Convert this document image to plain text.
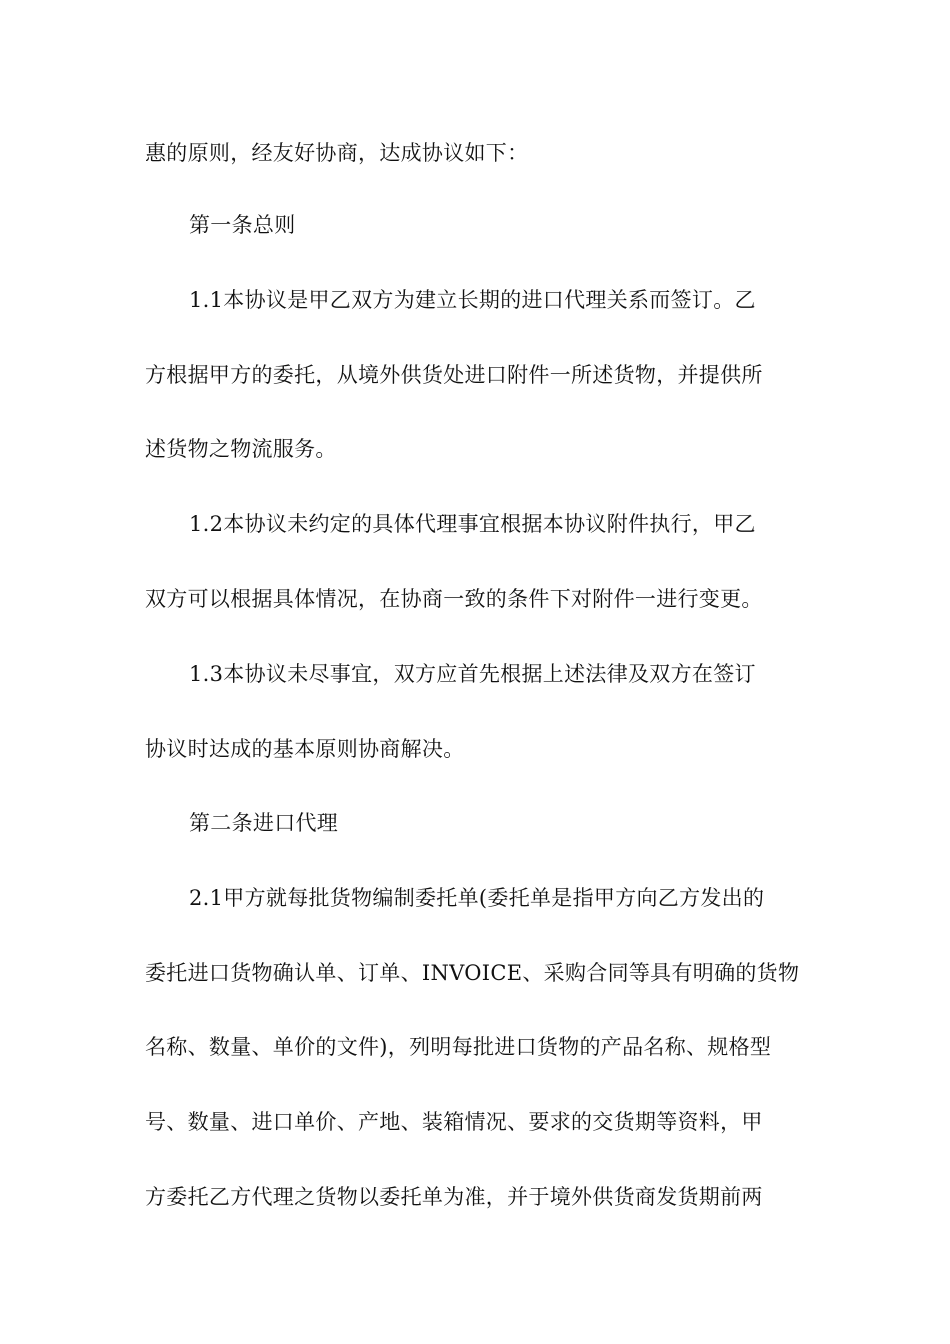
惠的原则，经友好协商，达成协议如下：
第一条总则
1.1本协议是甲乙双方为建立长期的进口代理关系而签订。乙
方根据甲方的委托，从境外供货处进口附件一所述货物，并提供所
述货物之物流服务。
1.2本协议未约定的具体代理事宜根据本协议附件执行，甲乙
双方可以根据具体情况，在协商一致的条件下对附件一进行变更。
1.3本协议未尽事宜，双方应首先根据上述法律及双方在签订
协议时达成的基本原则协商解决。
第二条进口代理
2.1甲方就每批货物编制委托单(委托单是指甲方向乙方发出的
委托进口货物确认单、订单、INVOICE、采购合同等具有明确的货物
名称、数量、单价的文件)，列明每批进口货物的产品名称、规格型
号、数量、进口单价、产地、装箱情况、要求的交货期等资料，甲
方委托乙方代理之货物以委托单为准，并于境外供货商发货期前两
